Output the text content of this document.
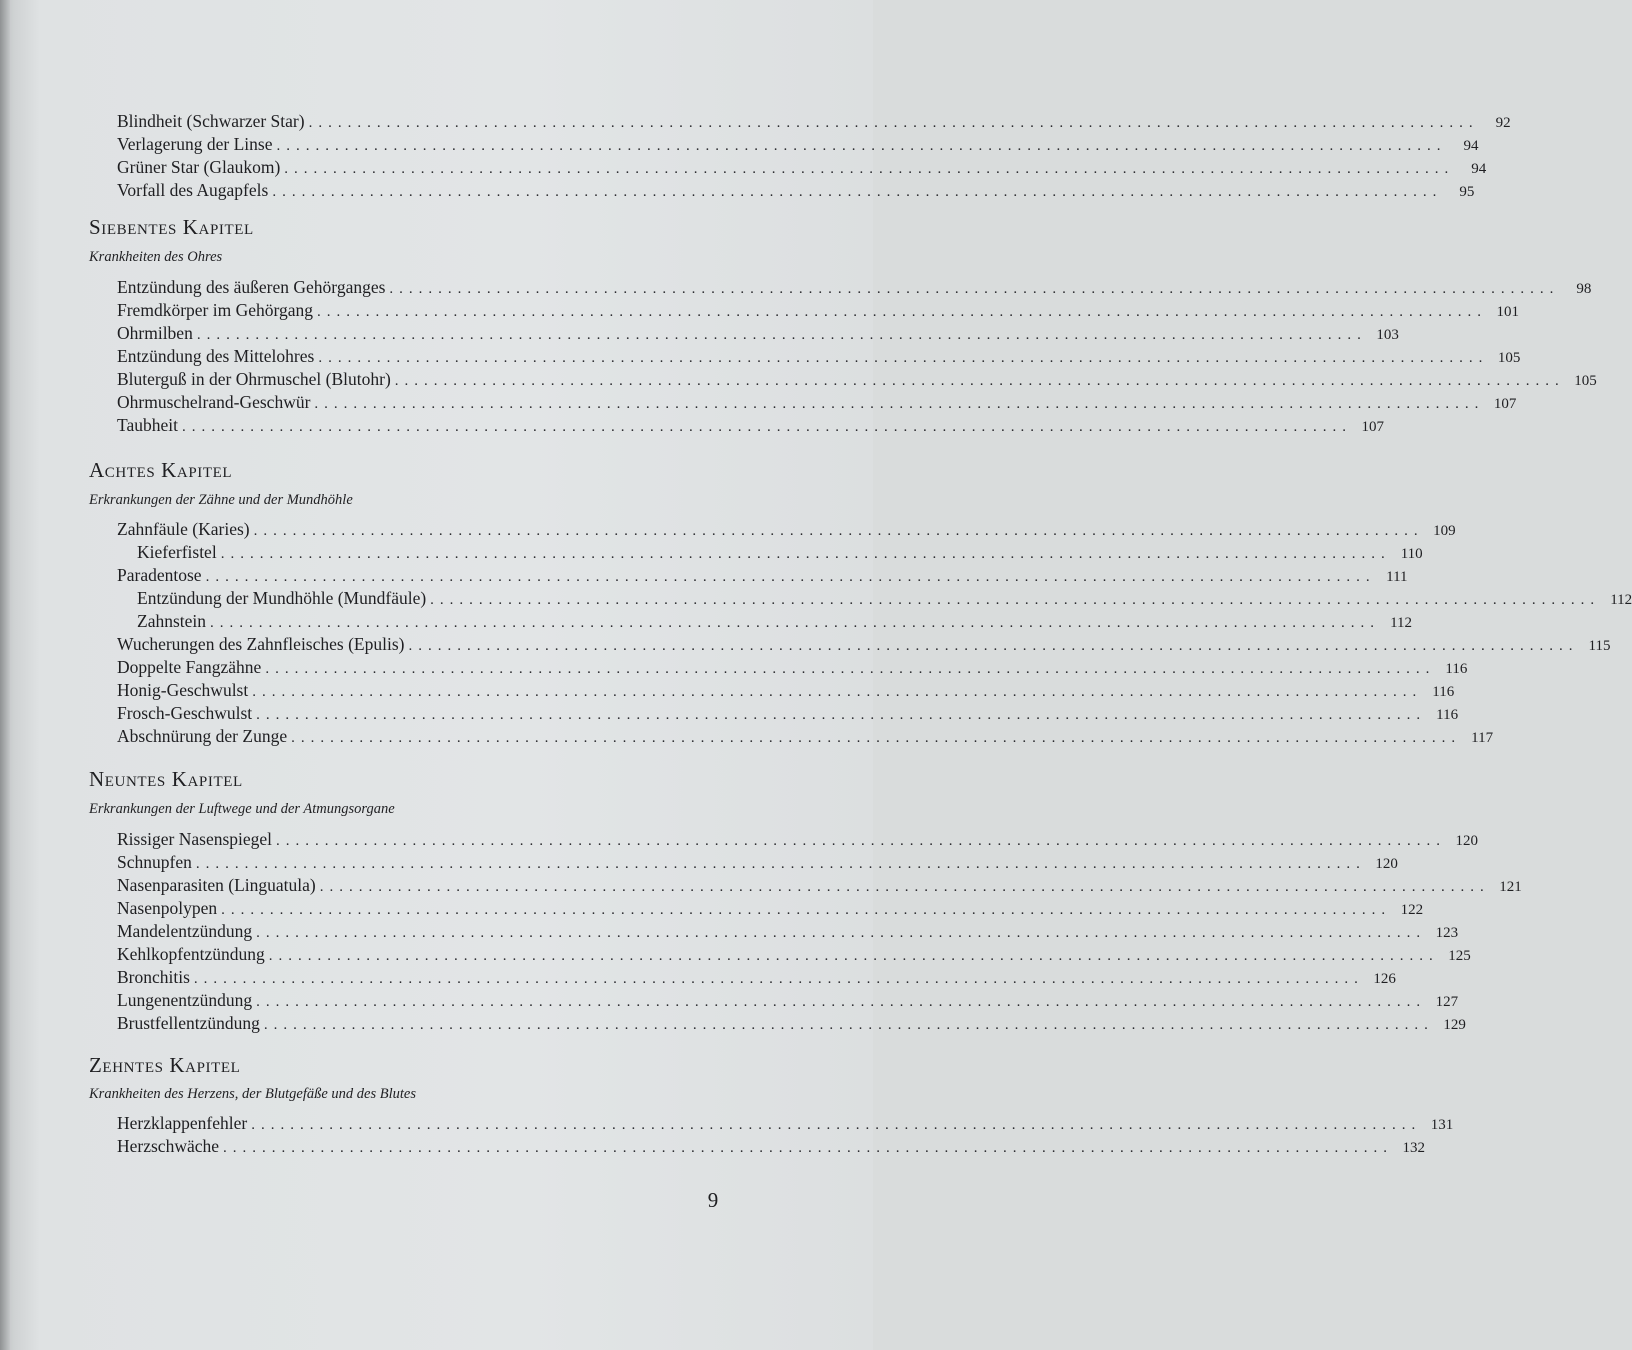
Blindheit (Schwarzer Star) ........................................................................................................................	92
Verlagerung der Linse ........................................................................................................................	94
Grüner Star (Glaukom) ........................................................................................................................	94
Vorfall des Augapfels ........................................................................................................................	95
Siebentes Kapitel
Krankheiten des Ohres
Entzündung des äußeren Gehörganges ........................................................................................................................	98
Fremdkörper im Gehörgang ........................................................................................................................ 101
Ohrmilben ........................................................................................................................ 103
Entzündung des Mittelohres ........................................................................................................................ 105
Bluterguß in der Ohrmuschel (Blutohr) ........................................................................................................................ 105
Ohrmuschelrand-Geschwür ........................................................................................................................ 107
Taubheit ........................................................................................................................ 107
Achtes Kapitel
Erkrankungen der Zähne und der Mundhöhle
Zahnfäule (Karies) ........................................................................................................................ 109
Kieferfistel ........................................................................................................................ 110
Paradentose ........................................................................................................................ 111
Entzündung der Mundhöhle (Mundfäule) ........................................................................................................................ 112
Zahnstein ........................................................................................................................ 112
Wucherungen des Zahnfleisches (Epulis) ........................................................................................................................ 115
Doppelte Fangzähne ........................................................................................................................ 116
Honig-Geschwulst ........................................................................................................................ 116
Frosch-Geschwulst ........................................................................................................................ 116
Abschnürung der Zunge ........................................................................................................................ 117
Neuntes Kapitel
Erkrankungen der Luftwege und der Atmungsorgane
Rissiger Nasenspiegel ........................................................................................................................ 120
Schnupfen ........................................................................................................................ 120
Nasenparasiten (Linguatula) ........................................................................................................................ 121
Nasenpolypen ........................................................................................................................ 122
Mandelentzündung ........................................................................................................................ 123
Kehlkopfentzündung ........................................................................................................................ 125
Bronchitis ........................................................................................................................ 126
Lungenentzündung ........................................................................................................................ 127
Brustfellentzündung ........................................................................................................................ 129
Zehntes Kapitel
Krankheiten des Herzens, der Blutgefäße und des Blutes
Herzklappenfehler ........................................................................................................................ 131
Herzschwäche ........................................................................................................................ 132
9
